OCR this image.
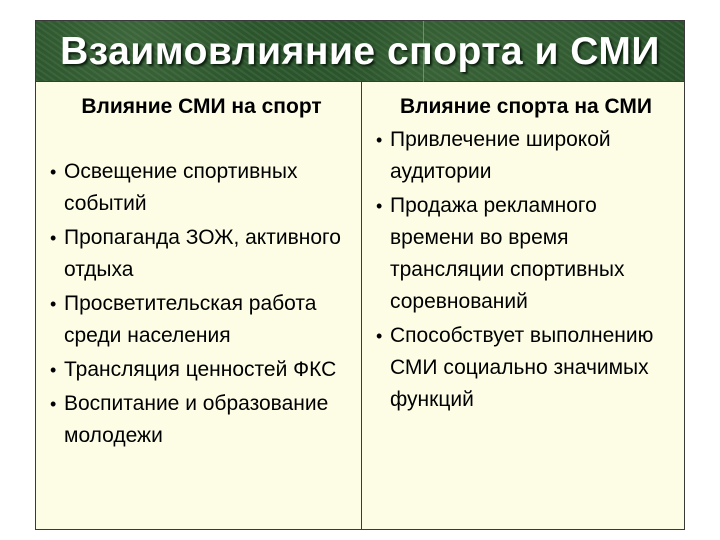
Взаимовлияние спорта и СМИ
Влияние СМИ на спорт
• Освещение спортивных событий
• Пропаганда ЗОЖ, активного отдыха
• Просветительская работа среди населения
• Трансляция ценностей ФКС
• Воспитание и образование молодежи
Влияние спорта на СМИ
• Привлечение широкой аудитории
• Продажа рекламного времени во время трансляции спортивных соревнований
• Способствует выполнению СМИ социально значимых функций
